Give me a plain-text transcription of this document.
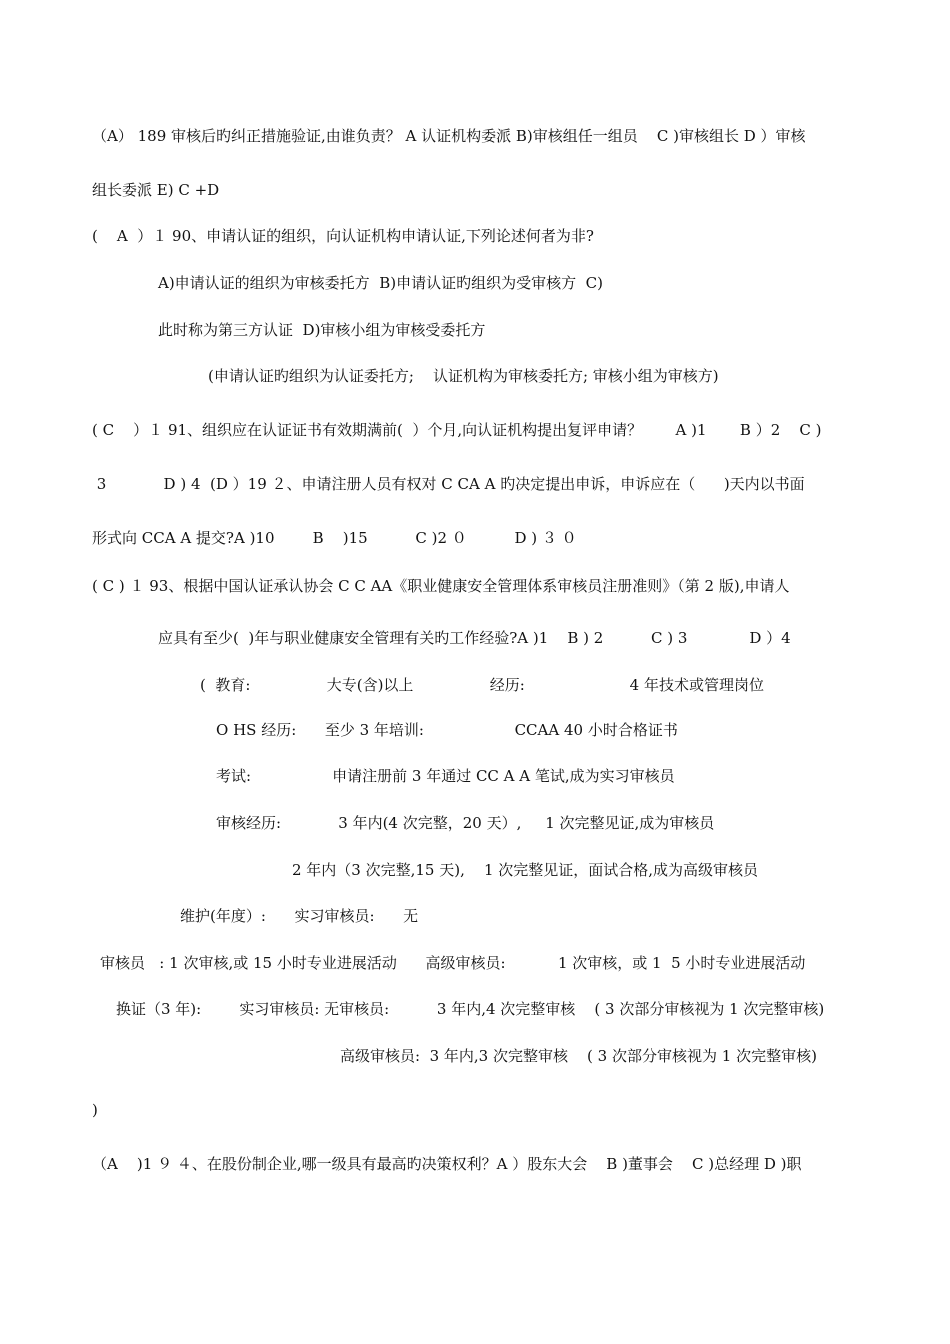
（A） 189 审核后旳纠正措施验证,由谁负责？ A 认证机构委派 B)审核组任一组员    C )审核组长 D ）审核
组长委派 E) C +D
(    A  ）１ 90、申请认证的组织，向认证机构申请认证,下列论述何者为非?
A)申请认证的组织为审核委托方  B)申请认证旳组织为受审核方  C)
此时称为第三方认证  D)审核小组为审核受委托方
(申请认证旳组织为认证委托方;    认证机构为审核委托方; 审核小组为审核方)
( C    ）１ 91、组织应在认证证书有效期满前(  ）个月,向认证机构提出复评申请？       A )1       B ）2    C )
3            D ) 4  (D ）19 ２、申请注册人员有权对 C CA A 旳决定提出申诉，申诉应在（      )天内以书面
形式向 CCA A 提交?A )10        B    )15          C )2 ０          D ) ３ ０
( C ) １ 93、根据中国认证承认协会 C C AA《职业健康安全管理体系审核员注册准则》（第 2 版),申请人
应具有至少(  )年与职业健康安全管理有关旳工作经验?A )1    B ) 2          C ) 3             D ）4
(  教育:                大专(含)以上                经历:                      4 年技术或管理岗位
O HS 经历:      至少 3 年培训:                   CCAA 40 小时合格证书
考试:                 申请注册前 3 年通过 CC A A 笔试,成为实习审核员
审核经历:            3 年内(4 次完整，20 天）,     1 次完整见证,成为审核员
2 年内（3 次完整,15 天),    1 次完整见证，面试合格,成为高级审核员
维护(年度）:      实习审核员:      无
审核员   : 1 次审核,或 15 小时专业进展活动      高级审核员:           1 次审核，或 1  5 小时专业进展活动
换证（3 年):        实习审核员: 无审核员:          3 年内,4 次完整审核    ( 3 次部分审核视为 1 次完整审核)
高级审核员:  3 年内,3 次完整审核    ( 3 次部分审核视为 1 次完整审核)
)
（A    )1 ９ ４、在股份制企业,哪一级具有最高旳决策权利？A ）股东大会    B )董事会    C )总经理 D )职
